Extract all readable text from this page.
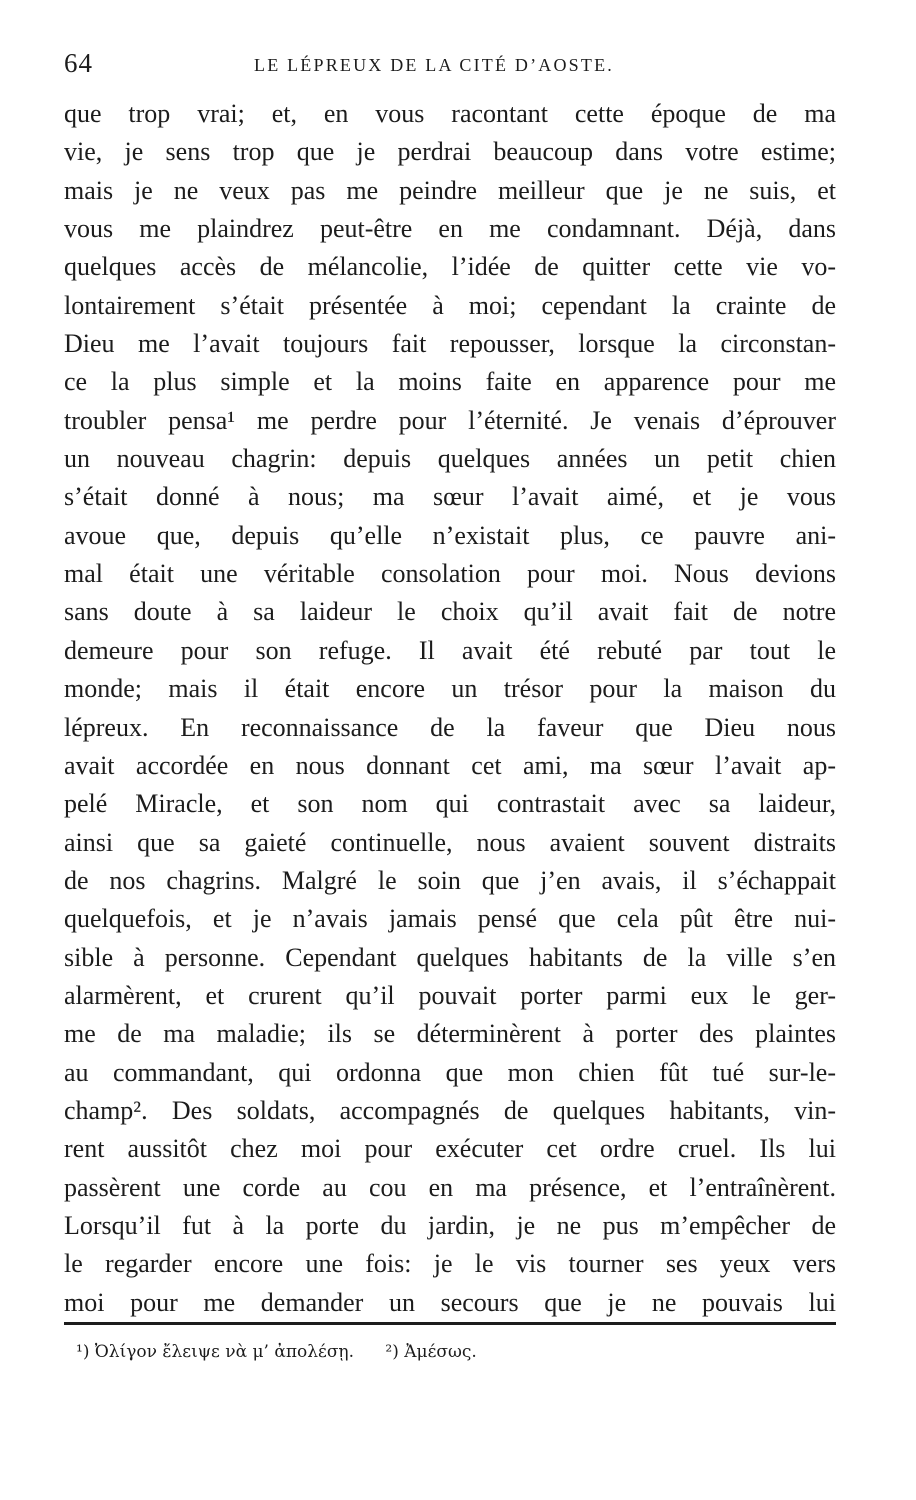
64	LE LÉPREUX DE LA CITÉ D’AOSTE.
que trop vrai; et, en vous racontant cette époque de ma
vie, je sens trop que je perdrai beaucoup dans votre estime;
mais je ne veux pas me peindre meilleur que je ne suis, et
vous me plaindrez peut-être en me condamnant. Déjà, dans
quelques accès de mélancolie, l’idée de quitter cette vie vo-
lontairement s’était présentée à moi; cependant la crainte de
Dieu me l’avait toujours fait repousser, lorsque la circonstan-
ce la plus simple et la moins faite en apparence pour me
troubler pensa¹ me perdre pour l’éternité. Je venais d’éprouver
un nouveau chagrin: depuis quelques années un petit chien
s’était donné à nous; ma sœur l’avait aimé, et je vous
avoue que, depuis qu’elle n’existait plus, ce pauvre ani-
mal était une véritable consolation pour moi. Nous devions
sans doute à sa laideur le choix qu’il avait fait de notre
demeure pour son refuge. Il avait été rebuté par tout le
monde; mais il était encore un trésor pour la maison du
lépreux. En reconnaissance de la faveur que Dieu nous
avait accordée en nous donnant cet ami, ma sœur l’avait ap-
pelé Miracle, et son nom qui contrastait avec sa laideur,
ainsi que sa gaieté continuelle, nous avaient souvent distraits
de nos chagrins. Malgré le soin que j’en avais, il s’échappait
quelquefois, et je n’avais jamais pensé que cela pût être nui-
sible à personne. Cependant quelques habitants de la ville s’en
alarmèrent, et crurent qu’il pouvait porter parmi eux le ger-
me de ma maladie; ils se déterminèrent à porter des plaintes
au commandant, qui ordonna que mon chien fût tué sur-le-
champ². Des soldats, accompagnés de quelques habitants, vin-
rent aussitôt chez moi pour exécuter cet ordre cruel. Ils lui
passèrent une corde au cou en ma présence, et l’entraînèrent.
Lorsqu’il fut à la porte du jardin, je ne pus m’empêcher de
le regarder encore une fois: je le vis tourner ses yeux vers
moi pour me demander un secours que je ne pouvais lui
¹) Ὀλίγον ἔλειψε νὰ μ’ ἀπολέσῃ. ²) Ἀμέσως.
